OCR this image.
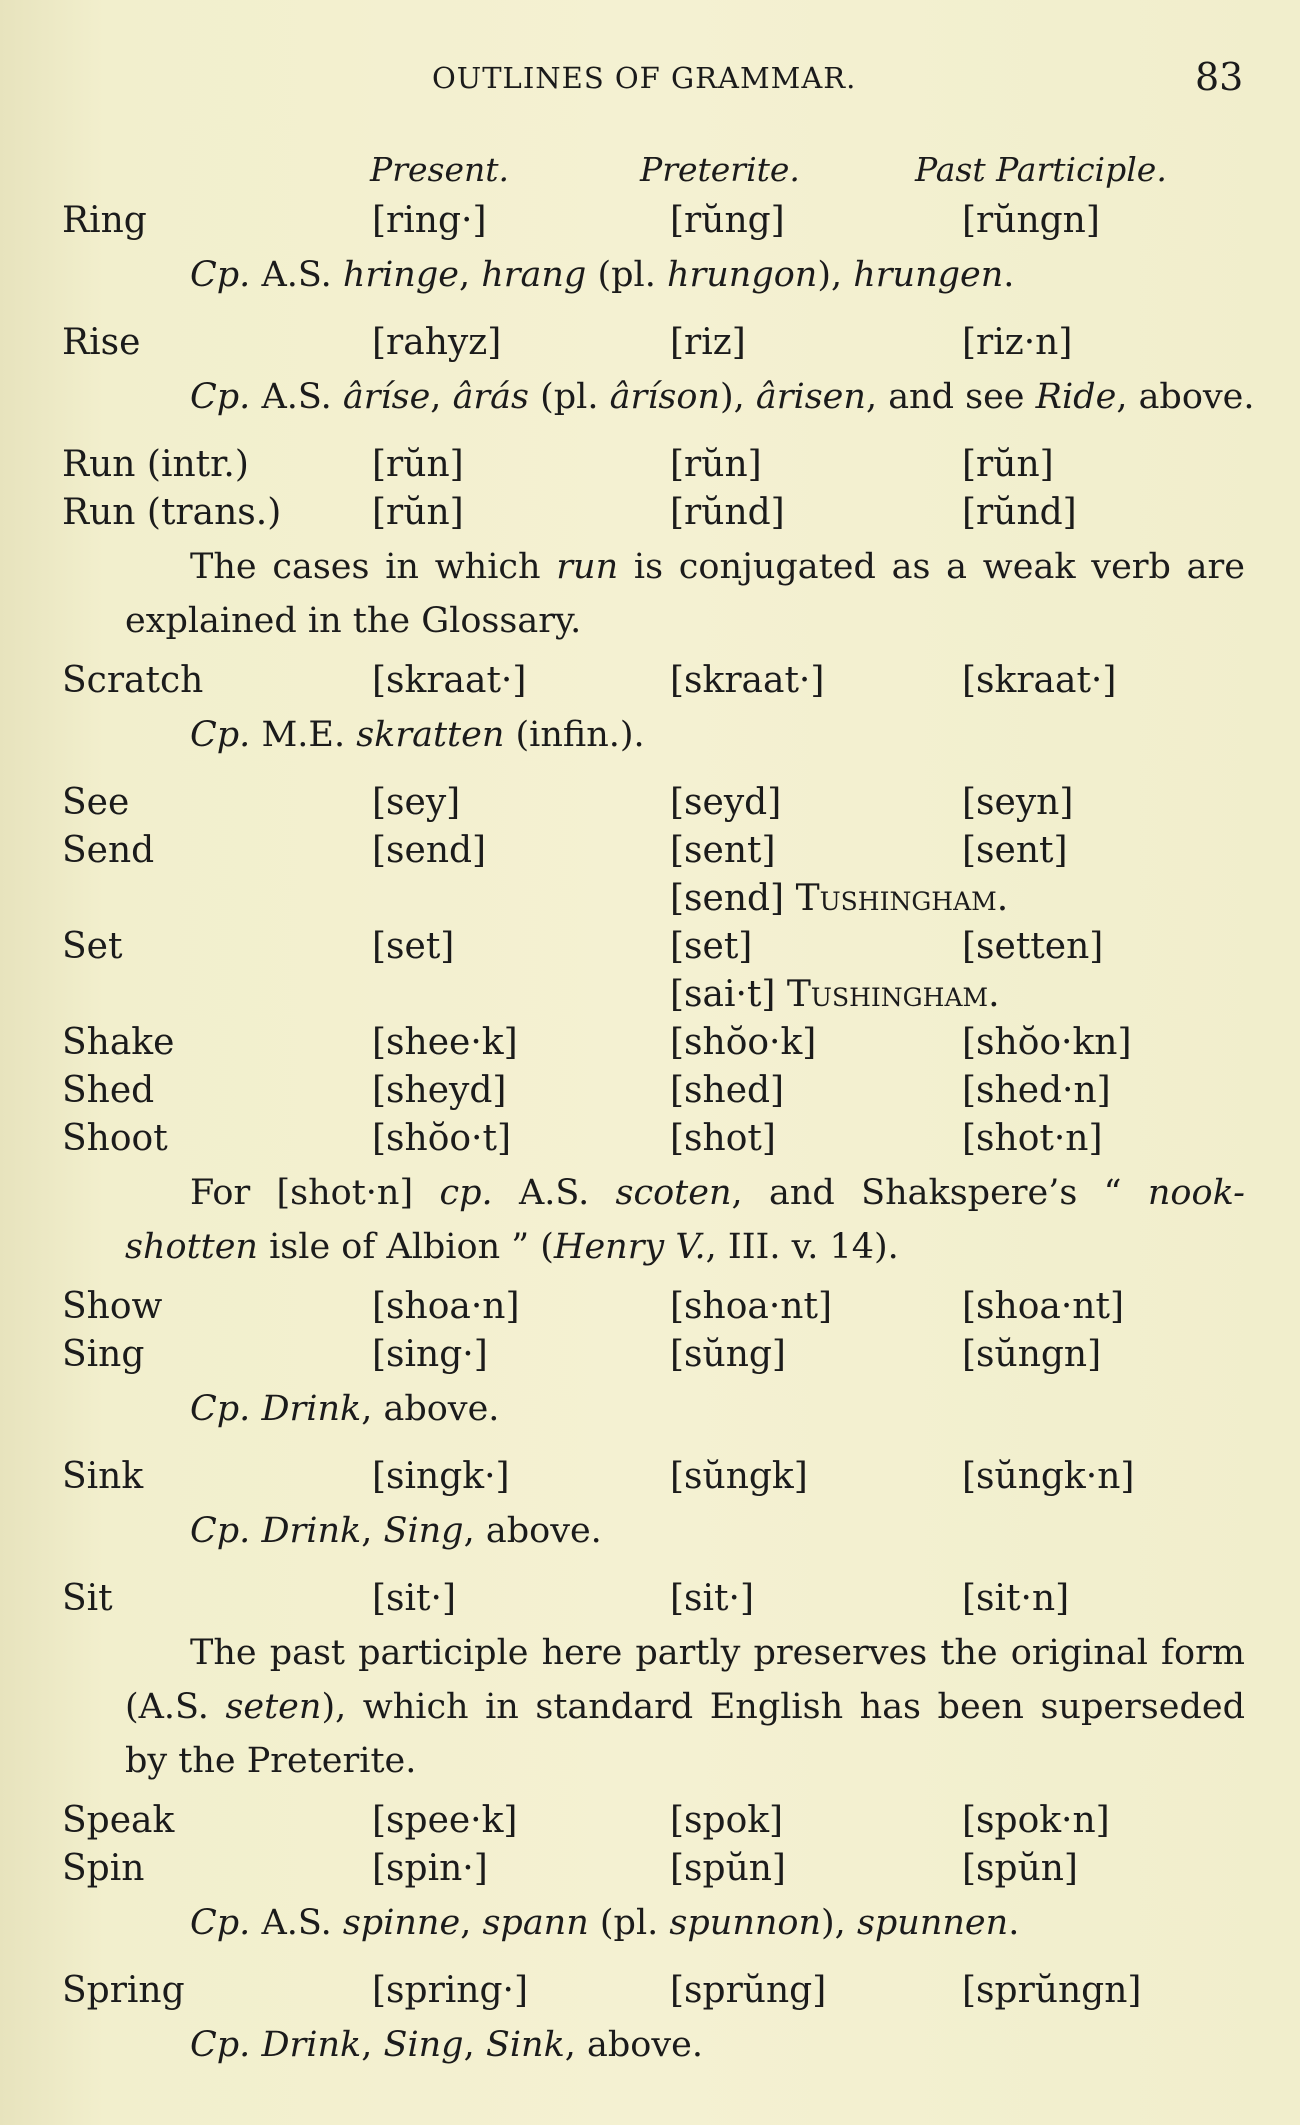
OUTLINES OF GRAMMAR.	83
Present.	Preterite.	Past Participle.
Ring	[ring·]	[rŭng]	[rŭngn]
Cp. A.S. hringe, hrang (pl. hrungon), hrungen.
Rise	[rahyz]	[riz]	[riz·n]
Cp. A.S. âríse, ârás (pl. âríson), ârisen, and see Ride, above.
Run (intr.)	[rŭn]	[rŭn]	[rŭn]
Run (trans.)	[rŭn]	[rŭnd]	[rŭnd]
The cases in which run is conjugated as a weak verb are explained in the Glossary.
Scratch	[skraat·]	[skraat·]	[skraat·]
Cp. M.E. skratten (infin.).
See	[sey]	[seyd]	[seyn]
Send	[send]	[sent]	[sent]
[send] Tushingham.
Set	[set]	[set]	[setten]
[sai·t] Tushingham.
Shake	[shee·k]	[shŏo·k]	[shŏo·kn]
Shed	[sheyd]	[shed]	[shed·n]
Shoot	[shŏo·t]	[shot]	[shot·n]
For [shot·n] cp. A.S. scoten, and Shakspere’s “ nook-shotten isle of Albion ” (Henry V., III. v. 14).
Show	[shoa·n]	[shoa·nt]	[shoa·nt]
Sing	[sing·]	[sŭng]	[sŭngn]
Cp. Drink, above.
Sink	[singk·]	[sŭngk]	[sŭngk·n]
Cp. Drink, Sing, above.
Sit	[sit·]	[sit·]	[sit·n]
The past participle here partly preserves the original form (A.S. seten), which in standard English has been superseded by the Preterite.
Speak	[spee·k]	[spok]	[spok·n]
Spin	[spin·]	[spŭn]	[spŭn]
Cp. A.S. spinne, spann (pl. spunnon), spunnen.
Spring	[spring·]	[sprŭng]	[sprŭngn]
Cp. Drink, Sing, Sink, above.
